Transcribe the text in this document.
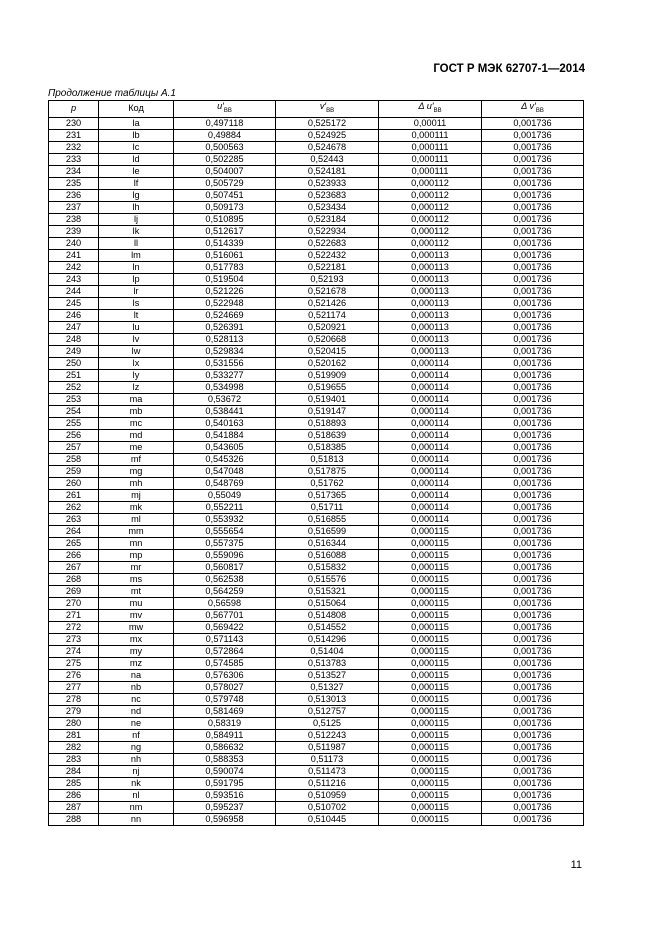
ГОСТ Р МЭК 62707-1—2014
Продолжение таблицы А.1
p	Код	$u'_{BB}$	$v'_{BB}$	Δ $u'_{BB}$	Δ $v'_{BB}$
230	la	0,497118	0,525172	0,00011	0,001736
231	lb	0,49884	0,524925	0,000111	0,001736
232	lc	0,500563	0,524678	0,000111	0,001736
233	ld	0,502285	0,52443	0,000111	0,001736
234	le	0,504007	0,524181	0,000111	0,001736
235	lf	0,505729	0,523933	0,000112	0,001736
236	lg	0,507451	0,523683	0,000112	0,001736
237	lh	0,509173	0,523434	0,000112	0,001736
238	lj	0,510895	0,523184	0,000112	0,001736
239	lk	0,512617	0,522934	0,000112	0,001736
240	ll	0,514339	0,522683	0,000112	0,001736
241	lm	0,516061	0,522432	0,000113	0,001736
242	ln	0,517783	0,522181	0,000113	0,001736
243	lp	0,519504	0,52193	0,000113	0,001736
244	lr	0,521226	0,521678	0,000113	0,001736
245	ls	0,522948	0,521426	0,000113	0,001736
246	lt	0,524669	0,521174	0,000113	0,001736
247	lu	0,526391	0,520921	0,000113	0,001736
248	lv	0,528113	0,520668	0,000113	0,001736
249	lw	0,529834	0,520415	0,000113	0,001736
250	lx	0,531556	0,520162	0,000114	0,001736
251	ly	0,533277	0,519909	0,000114	0,001736
252	lz	0,534998	0,519655	0,000114	0,001736
253	ma	0,53672	0,519401	0,000114	0,001736
254	mb	0,538441	0,519147	0,000114	0,001736
255	mc	0,540163	0,518893	0,000114	0,001736
256	md	0,541884	0,518639	0,000114	0,001736
257	me	0,543605	0,518385	0,000114	0,001736
258	mf	0,545326	0,51813	0,000114	0,001736
259	mg	0,547048	0,517875	0,000114	0,001736
260	mh	0,548769	0,51762	0,000114	0,001736
261	mj	0,55049	0,517365	0,000114	0,001736
262	mk	0,552211	0,51711	0,000114	0,001736
263	ml	0,553932	0,516855	0,000114	0,001736
264	mm	0,555654	0,516599	0,000115	0,001736
265	mn	0,557375	0,516344	0,000115	0,001736
266	mp	0,559096	0,516088	0,000115	0,001736
267	mr	0,560817	0,515832	0,000115	0,001736
268	ms	0,562538	0,515576	0,000115	0,001736
269	mt	0,564259	0,515321	0,000115	0,001736
270	mu	0,56598	0,515064	0,000115	0,001736
271	mv	0,567701	0,514808	0,000115	0,001736
272	mw	0,569422	0,514552	0,000115	0,001736
273	mx	0,571143	0,514296	0,000115	0,001736
274	my	0,572864	0,51404	0,000115	0,001736
275	mz	0,574585	0,513783	0,000115	0,001736
276	na	0,576306	0,513527	0,000115	0,001736
277	nb	0,578027	0,51327	0,000115	0,001736
278	nc	0,579748	0,513013	0,000115	0,001736
279	nd	0,581469	0,512757	0,000115	0,001736
280	ne	0,58319	0,5125	0,000115	0,001736
281	nf	0,584911	0,512243	0,000115	0,001736
282	ng	0,586632	0,511987	0,000115	0,001736
283	nh	0,588353	0,51173	0,000115	0,001736
284	nj	0,590074	0,511473	0,000115	0,001736
285	nk	0,591795	0,511216	0,000115	0,001736
286	nl	0,593516	0,510959	0,000115	0,001736
287	nm	0,595237	0,510702	0,000115	0,001736
288	nn	0,596958	0,510445	0,000115	0,001736
11
